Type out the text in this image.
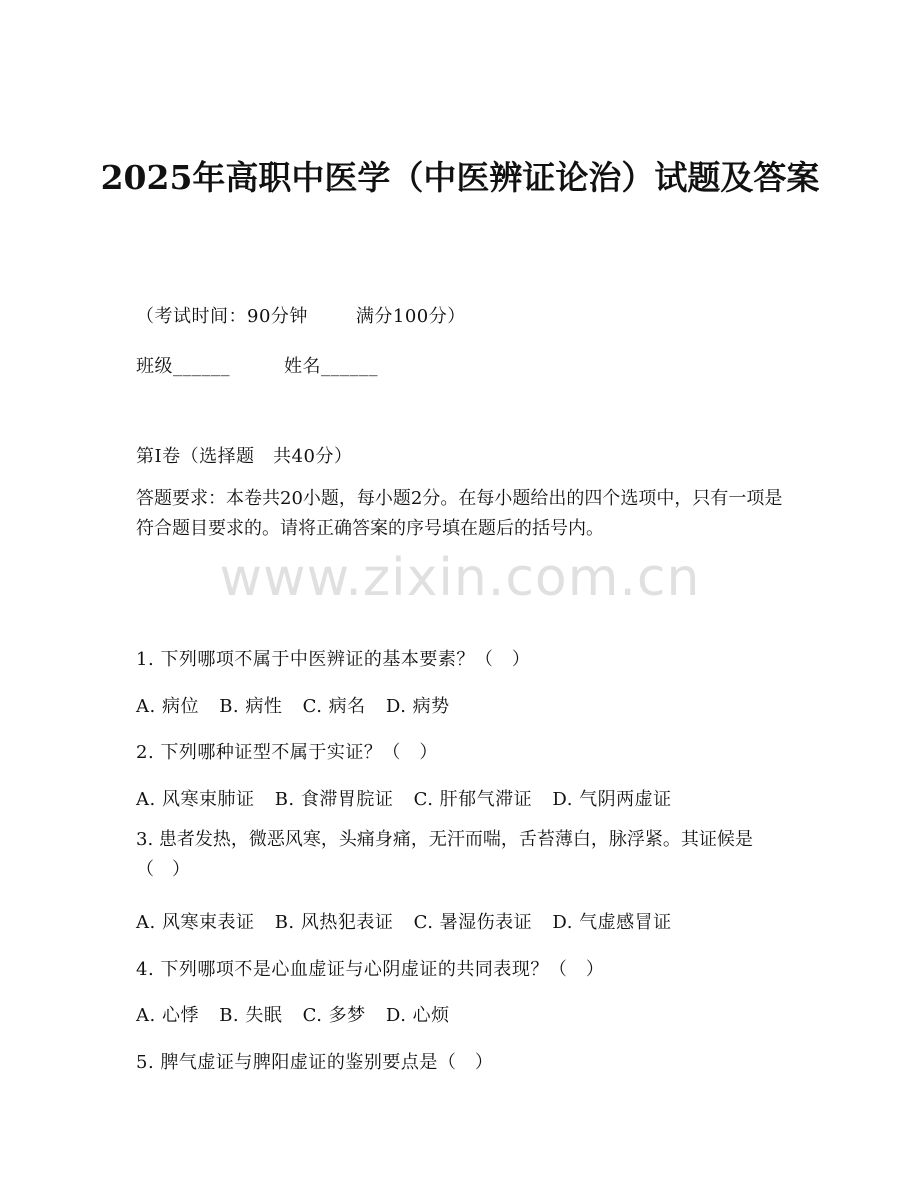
2025年高职中医学（中医辨证论治）试题及答案
（考试时间：90分钟	满分100分）
班级______	姓名______
第I卷（选择题　共40分）
答题要求：本卷共20小题，每小题2分。在每小题给出的四个选项中，只有一项是符合题目要求的。请将正确答案的序号填在题后的括号内。
www.zixin.com.cn
1. 下列哪项不属于中医辨证的基本要素？（　）
A. 病位 B. 病性 C. 病名 D. 病势
2. 下列哪种证型不属于实证？（　）
A. 风寒束肺证 B. 食滞胃脘证 C. 肝郁气滞证 D. 气阴两虚证
3. 患者发热，微恶风寒，头痛身痛，无汗而喘，舌苔薄白，脉浮紧。其证候是（　）
A. 风寒束表证 B. 风热犯表证 C. 暑湿伤表证 D. 气虚感冒证
4. 下列哪项不是心血虚证与心阴虚证的共同表现？（　）
A. 心悸 B. 失眠 C. 多梦 D. 心烦
5. 脾气虚证与脾阳虚证的鉴别要点是（　）
